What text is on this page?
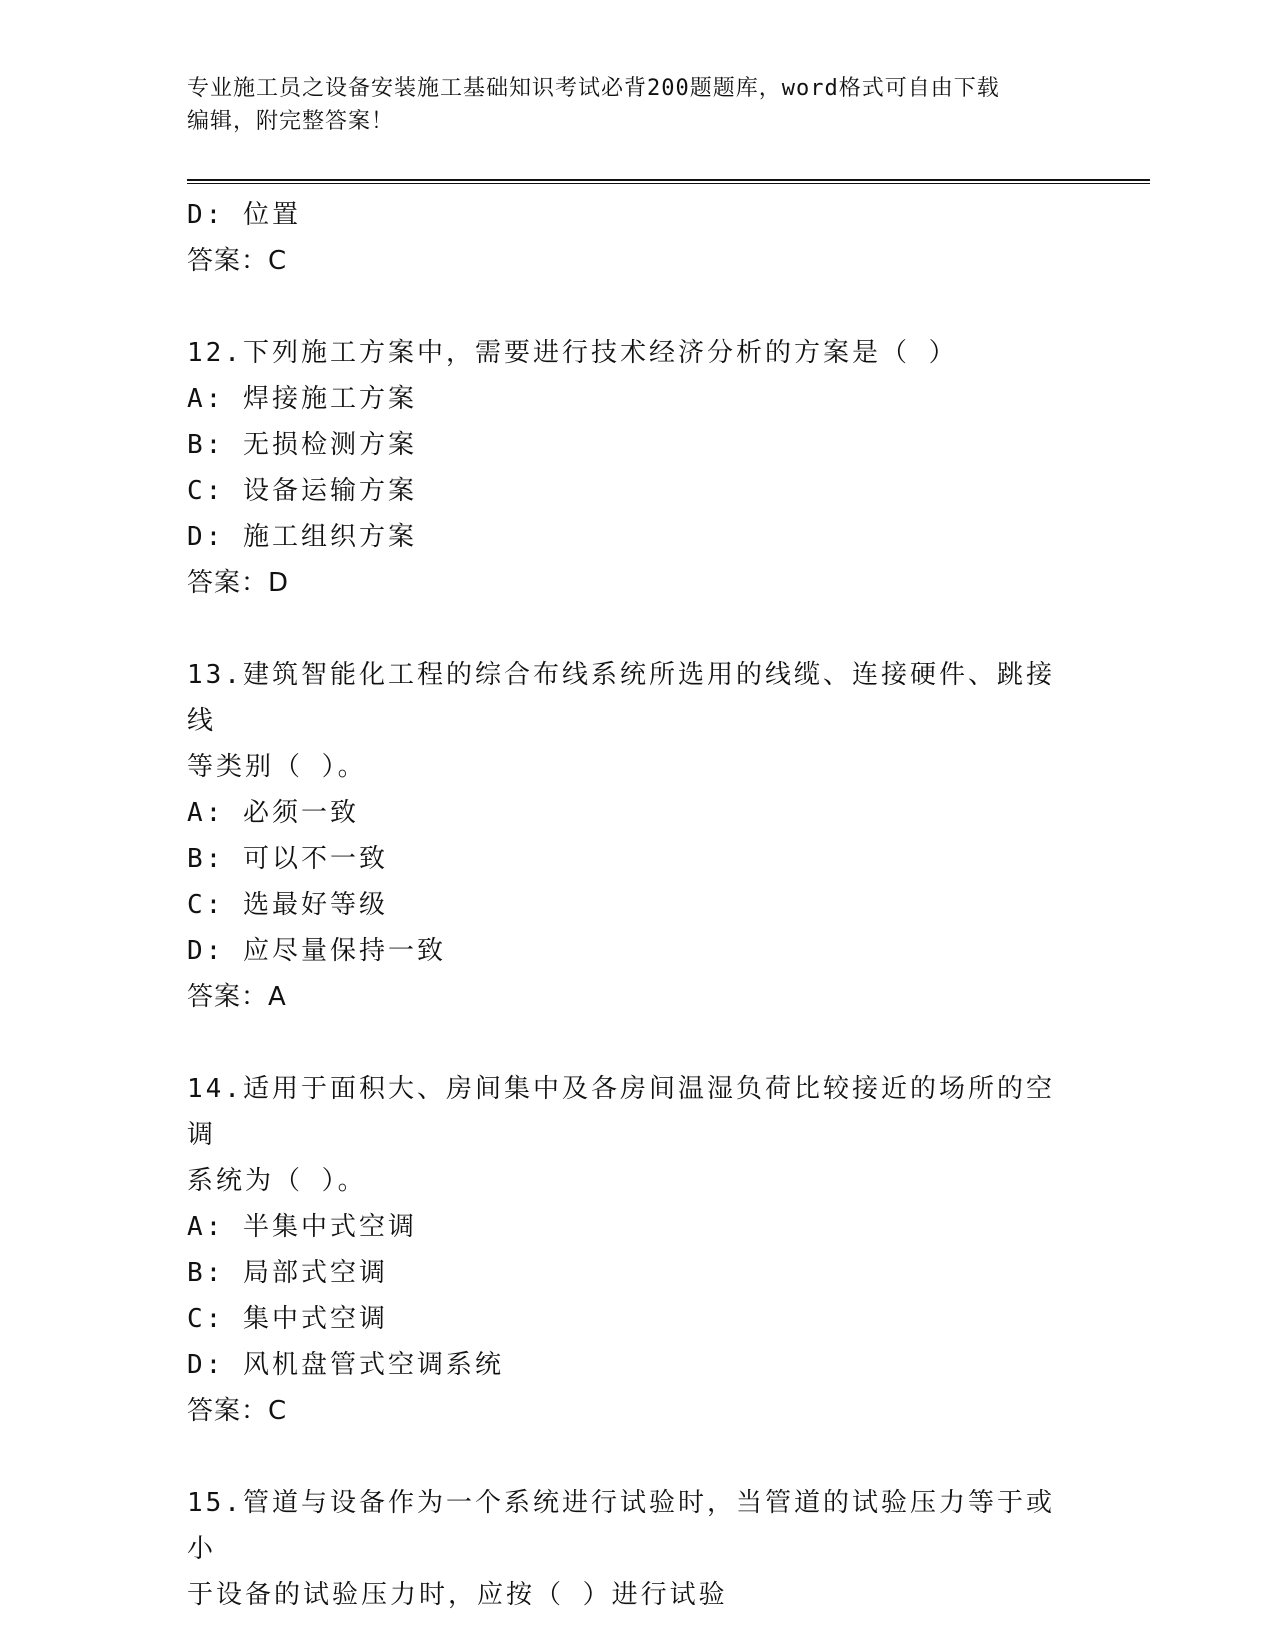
专业施工员之设备安装施工基础知识考试必背200题题库，word格式可自由下载
编辑，附完整答案！
D: 位置
答案：C
12.下列施工方案中，需要进行技术经济分析的方案是（ ）
A: 焊接施工方案
B: 无损检测方案
C: 设备运输方案
D: 施工组织方案
答案：D
13.建筑智能化工程的综合布线系统所选用的线缆、连接硬件、跳接线
等类别（ ）。
A: 必须一致
B: 可以不一致
C: 选最好等级
D: 应尽量保持一致
答案：A
14.适用于面积大、房间集中及各房间温湿负荷比较接近的场所的空调
系统为（ ）。
A: 半集中式空调
B: 局部式空调
C: 集中式空调
D: 风机盘管式空调系统
答案：C
15.管道与设备作为一个系统进行试验时，当管道的试验压力等于或小
于设备的试验压力时，应按（ ）进行试验
